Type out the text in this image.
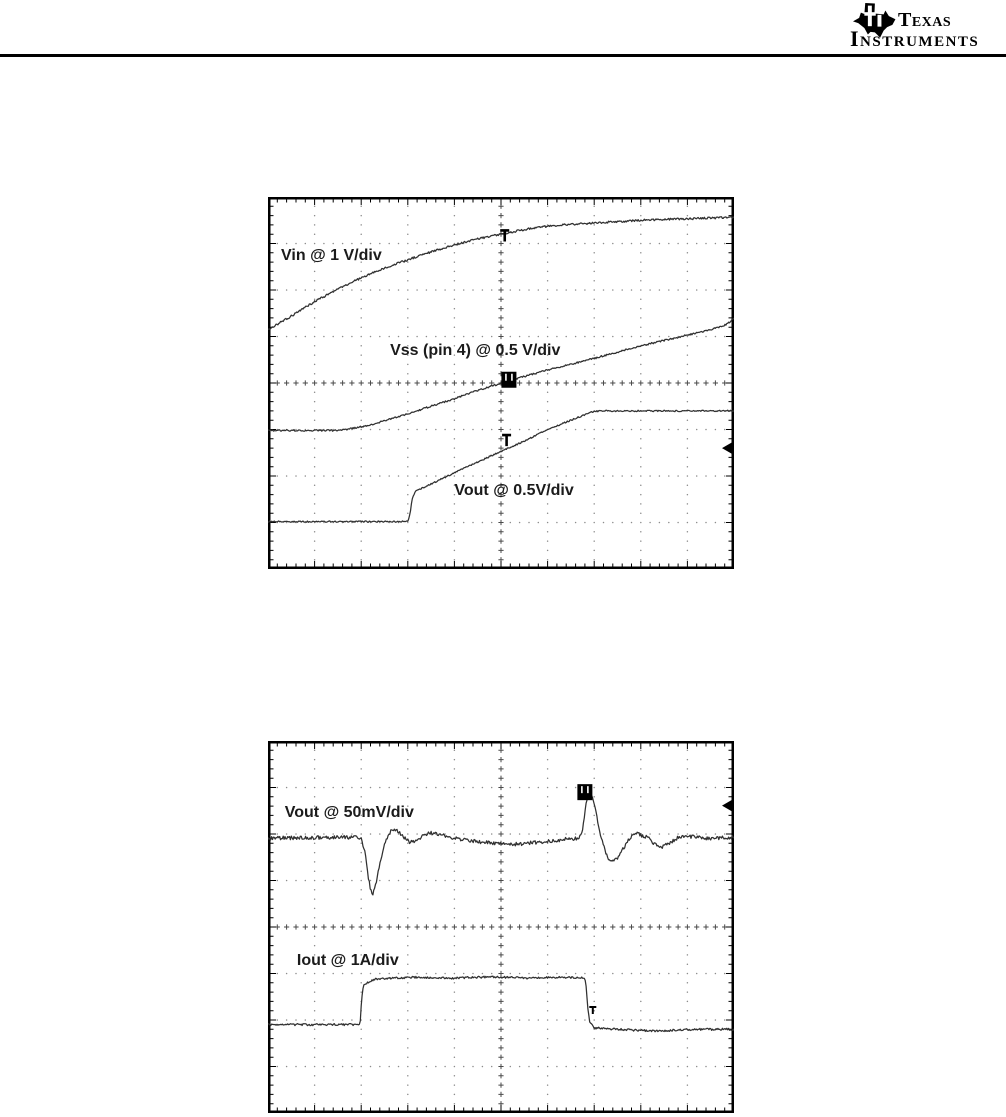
Texas
Instruments
Vin @ 1 V/div
Vss (pin 4) @ 0.5 V/div
Vout @ 0.5V/div
Vout @ 50mV/div
Iout @ 1A/div
